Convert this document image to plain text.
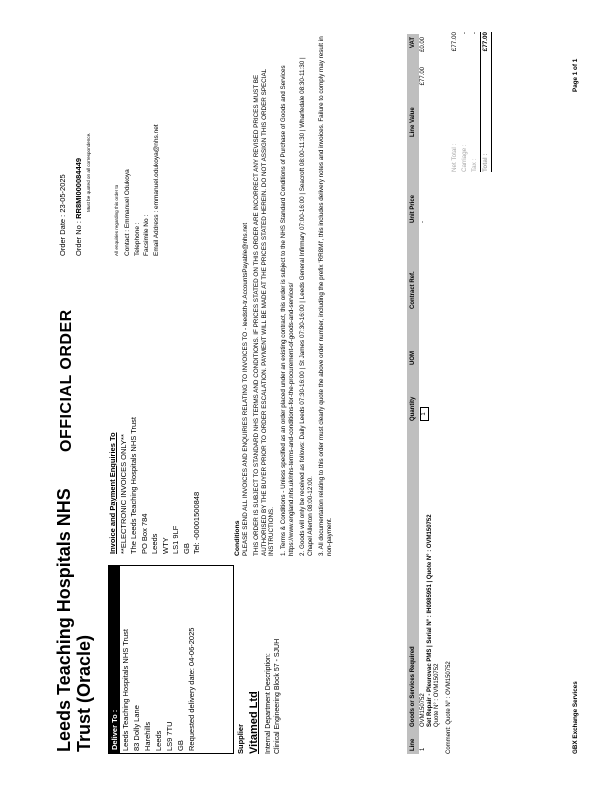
Leeds Teaching Hospitals NHS Trust (Oracle)
OFFICIAL ORDER
Order Date : 23-05-2025
Order No : RR8MI000084449 Must be quoted on all correspondence.
Deliver To : Leeds Teaching Hospitals NHS Trust 83 Dolly Lane Harehills Leeds LS9 7TU GB Requested delivery date: 04-06-2025
Invoice and Payment Enquiries To **ELECTRONIC INVOICES ONLY** The Leeds Teaching Hospitals NHS Trust PO Box 784 Leeds WTY LS1 9LF GB Tel: -00001500848
All enquiries regarding this order to Contact : Emmanuel Odukoya Telephone : Facsimile No : Email Address : emmanuel.odukoya@nhs.net
Supplier Vitamed Ltd Internal Department Description: Clinical Engineering Block 57 - SJUH
Conditions PLEASE SEND ALL INVOICES AND ENQUIRIES RELATING TO INVOICES TO - leedsth-tr.AccountsPayable@nhs.net THIS ORDER IS SUBJECT TO STANDARD NHS TERMS AND CONDITIONS. IF PRICES STATED ON THIS ORDER ARE INCORRECT ANY REVISED PRICES MUST BE AUTHORISED BY THE BUYER PRIOR TO ORDER ESCALATION. PAYMENT WILL BE MADE AT THE PRICES STATED HEREIN. DO NOT ASSIGN THIS ORDER SPECIAL INSTRUCTIONS. 1. Terms & Conditions - Unless specified as an order placed under an existing contract, this order is subject to the NHS Standard Conditions of Purchase of Goods and Services https://www.england.nhs.uk/nhs-terms-and-conditions-for-the-procurement-of-goods-and-services/ 2. Goods will only be received as follows: Daily Leeds 07:30-16:00 | St James 07:30-16:00 | Leeds General Infirmary 07:00-16:00 | Seacroft 08:00-11:30 | Wharfedale 08:30-11:30 | Chapel Allerton 08:00-12:00. 3. All documentation relating to this order must clearly quote the above order number, including the prefix 'RR8MI', this includes delivery notes and invoices. Failure to comply may result in non-payment.

Line	Goods or Services Required	Quantity	UOM	Contract Ref.	Unit Price	Line Value	VAT
1	OVM150752 Set Repair - Pleurovac PMS | Serial N° : IH0985951 | Quote N° : OVM150752 Quote N° : OVM150752	1			-	£77.00	£0.00
Comment: Quote N° : OVM150752
Net Total :
£77.00
Carriage :
-
Tax :
-
Total :
£77.00
GBX Exchange Services
Page 1 of 1
